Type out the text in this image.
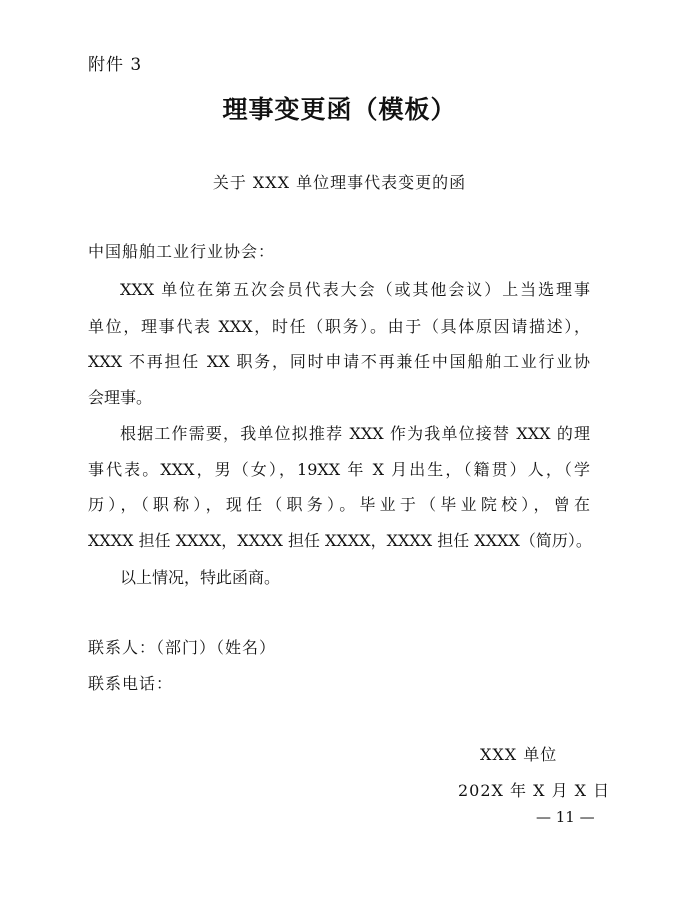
附件 3
理事变更函（模板）
关于 XXX 单位理事代表变更的函
中国船舶工业行业协会：
XXX 单位在第五次会员代表大会（或其他会议）上当选理事
单位，理事代表 XXX，时任（职务）。由于（具体原因请描述），
XXX 不再担任 XX 职务，同时申请不再兼任中国船舶工业行业协
会理事。
根据工作需要，我单位拟推荐 XXX 作为我单位接替 XXX 的理
事代表。XXX，男（女），19XX 年 X 月出生，（籍贯）人，（学
历），（职称），现任（职务）。毕业于（毕业院校），曾在
XXXX 担任 XXXX，XXXX 担任 XXXX，XXXX 担任 XXXX（简历）。
以上情况，特此函商。
联系人：（部门）（姓名）
联系电话：
XXX 单位
202X 年 X 月 X 日
— 11 —
